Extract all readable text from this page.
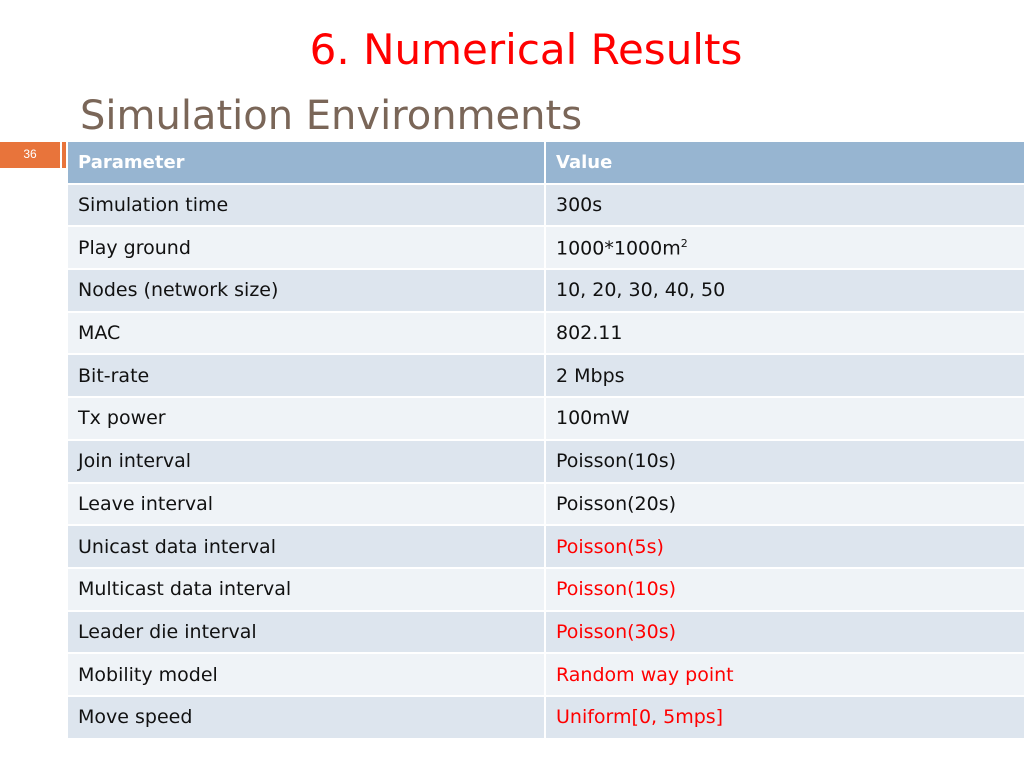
6. Numerical Results
Simulation Environments
36	Parameter	Value
Simulation time	300s
Play ground	$1000*1000m^2$
Nodes (network size)	10, 20, 30, 40, 50
MAC	802.11
Bit-rate	2 Mbps
Tx power	100mW
Join interval	Poisson(10s)
Leave interval	Poisson(20s)
Unicast data interval	Poisson(5s)
Multicast data interval	Poisson(10s)
Leader die interval	Poisson(30s)
Mobility model	Random way point
Move speed	Uniform[0, 5mps]
